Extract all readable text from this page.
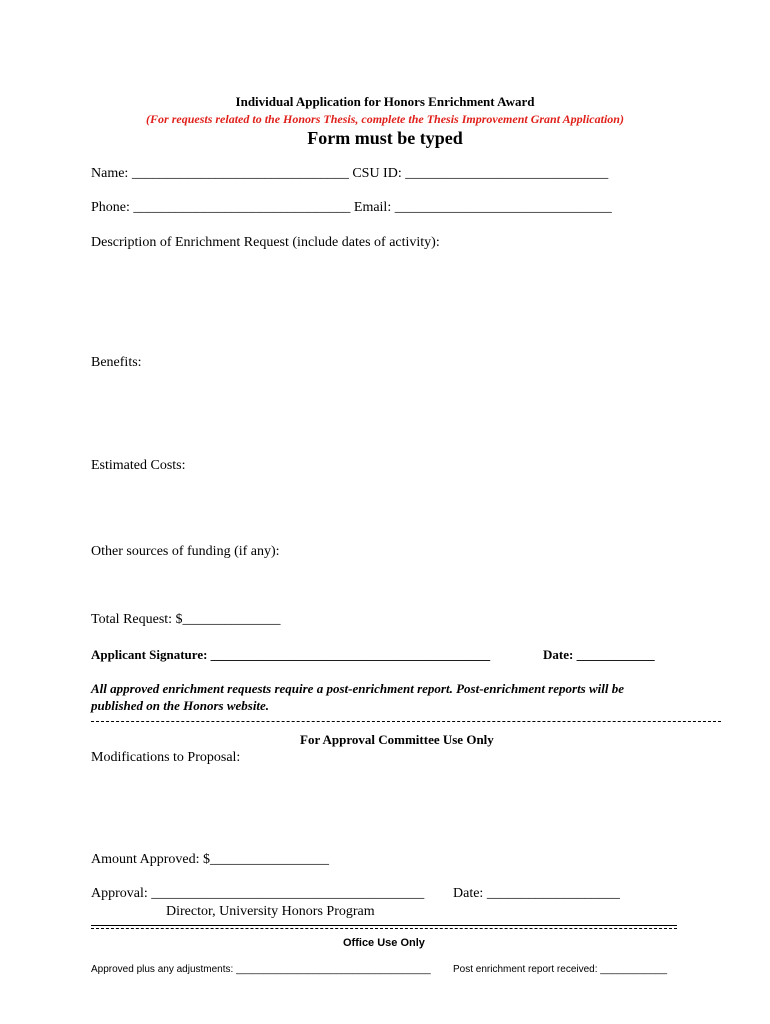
Individual Application for Honors Enrichment Award
(For requests related to the Honors Thesis, complete the Thesis Improvement Grant Application)
Form must be typed
Name: _______________________________ CSU ID: _____________________________
Phone: _______________________________ Email: _______________________________
Description of Enrichment Request (include dates of activity):
Benefits:
Estimated Costs:
Other sources of funding (if any):
Total Request: $______________
Applicant Signature: ___________________________________________	Date: ____________
All approved enrichment requests require a post-enrichment report. Post-enrichment reports will be
published on the Honors website.
For Approval Committee Use Only
Modifications to Proposal:
Amount Approved: $_________________
Approval: _______________________________________ Date: ___________________
Director, University Honors Program
Office Use Only
Approved plus any adjustments: ___________________________________ Post enrichment report received: ____________
